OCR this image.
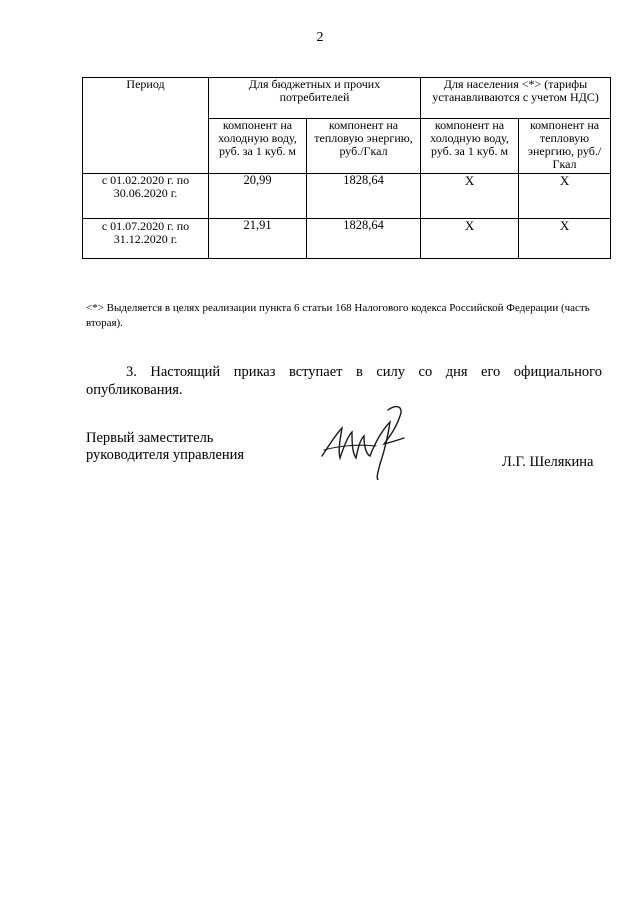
2
Период	Для бюджетных и прочих потребителей		Для населения <*> (тарифы устанавливаются с учетом НДС)	
	компонент на холодную воду, руб. за 1 куб. м	компонент на тепловую энергию, руб./Гкал	компонент на холодную воду, руб. за 1 куб. м	компонент на тепловую энергию, руб./Гкал
с 01.02.2020 г. по 30.06.2020 г.	20,99	1828,64	Х	Х
с 01.07.2020 г. по 31.12.2020 г.	21,91	1828,64	Х	Х
<*> Выделяется в целях реализации пункта 6 статьи 168 Налогового кодекса Российской Федерации (часть вторая).
3. Настоящий приказ вступает в силу со дня его официального опубликования.
Первый заместитель
руководителя управления	Л.Г. Шелякина
